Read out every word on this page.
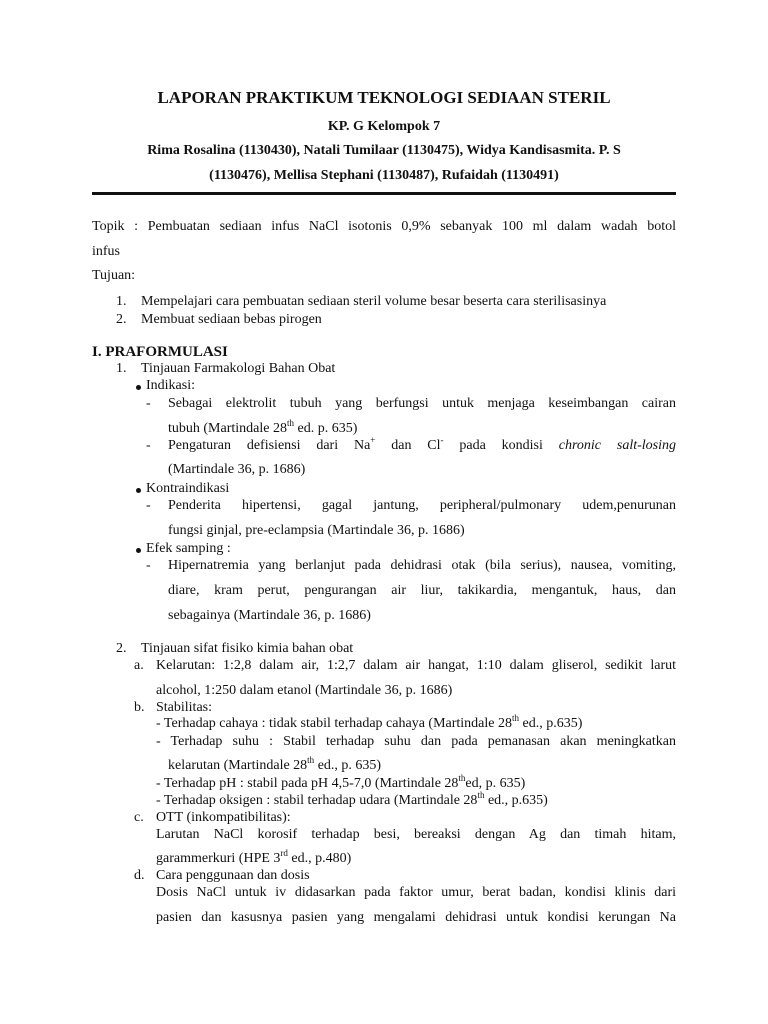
LAPORAN PRAKTIKUM TEKNOLOGI SEDIAAN STERIL
KP. G Kelompok 7
Rima Rosalina (1130430), Natali Tumilaar (1130475), Widya Kandisasmita. P. S
(1130476), Mellisa Stephani (1130487), Rufaidah (1130491)
Topik : Pembuatan sediaan infus NaCl isotonis 0,9% sebanyak 100 ml dalam wadah botol
infus
Tujuan:
1. Mempelajari cara pembuatan sediaan steril volume besar beserta cara sterilisasinya
2. Membuat sediaan bebas pirogen
I. PRAFORMULASI
1. Tinjauan Farmakologi Bahan Obat
Indikasi:
- Sebagai elektrolit tubuh yang berfungsi untuk menjaga keseimbangan cairan
tubuh (Martindale 28th ed. p. 635)
- Pengaturan defisiensi dari Na+ dan Cl- pada kondisi chronic salt-losing
(Martindale 36, p. 1686)
Kontraindikasi
- Penderita hipertensi, gagal jantung, peripheral/pulmonary udem,penurunan
fungsi ginjal, pre-eclampsia (Martindale 36, p. 1686)
Efek samping :
- Hipernatremia yang berlanjut pada dehidrasi otak (bila serius), nausea, vomiting,
diare, kram perut, pengurangan air liur, takikardia, mengantuk, haus, dan
sebagainya (Martindale 36, p. 1686)
2. Tinjauan sifat fisiko kimia bahan obat
a. Kelarutan: 1:2,8 dalam air, 1:2,7 dalam air hangat, 1:10 dalam gliserol, sedikit larut
alcohol, 1:250 dalam etanol (Martindale 36, p. 1686)
b. Stabilitas:
- Terhadap cahaya : tidak stabil terhadap cahaya (Martindale 28th ed., p.635)
- Terhadap suhu : Stabil terhadap suhu dan pada pemanasan akan meningkatkan
kelarutan (Martindale 28th ed., p. 635)
- Terhadap pH : stabil pada pH 4,5-7,0 (Martindale 28thed, p. 635)
- Terhadap oksigen : stabil terhadap udara (Martindale 28th ed., p.635)
c. OTT (inkompatibilitas):
Larutan NaCl korosif terhadap besi, bereaksi dengan Ag dan timah hitam,
garammerkuri (HPE 3rd ed., p.480)
d. Cara penggunaan dan dosis
Dosis NaCl untuk iv didasarkan pada faktor umur, berat badan, kondisi klinis dari
pasien dan kasusnya pasien yang mengalami dehidrasi untuk kondisi kerungan Na
